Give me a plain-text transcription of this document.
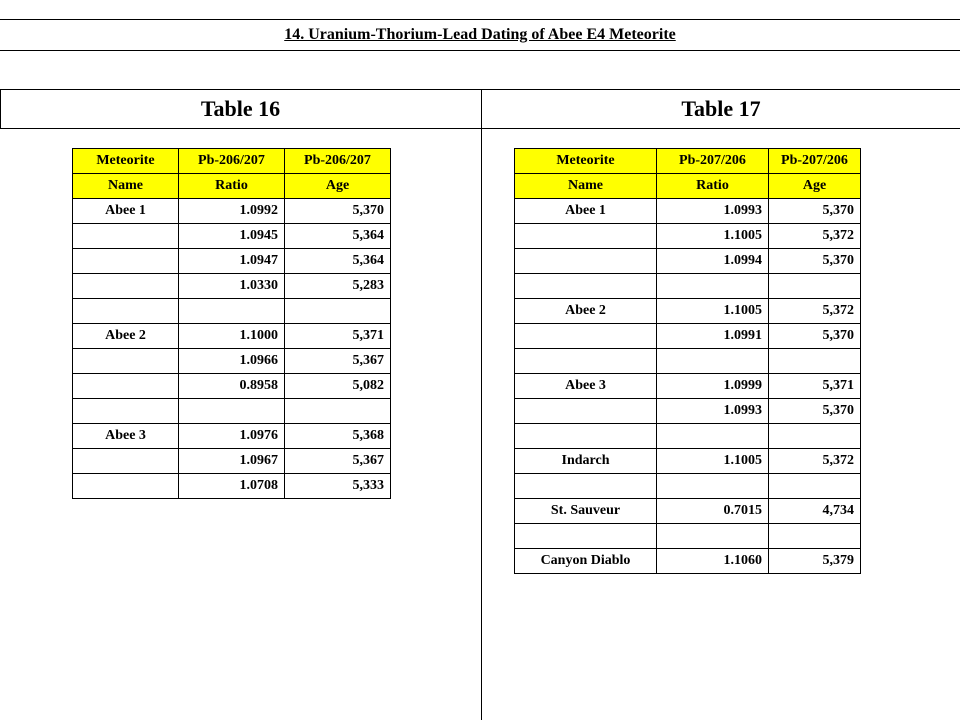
14. Uranium-Thorium-Lead Dating of Abee E4 Meteorite
Table 16	Table 17
Meteorite	Pb-206/207	Pb-206/207
Name	Ratio	Age
Abee 1	1.0992	5,370
	1.0945	5,364
	1.0947	5,364
	1.0330	5,283

Abee 2	1.1000	5,371
	1.0966	5,367
	0.8958	5,082

Abee 3	1.0976	5,368
	1.0967	5,367
	1.0708	5,333
Meteorite	Pb-207/206	Pb-207/206
Name	Ratio	Age
Abee 1	1.0993	5,370
	1.1005	5,372
	1.0994	5,370

Abee 2	1.1005	5,372
	1.0991	5,370

Abee 3	1.0999	5,371
	1.0993	5,370

Indarch	1.1005	5,372

St. Sauveur	0.7015	4,734

Canyon Diablo	1.1060	5,379
